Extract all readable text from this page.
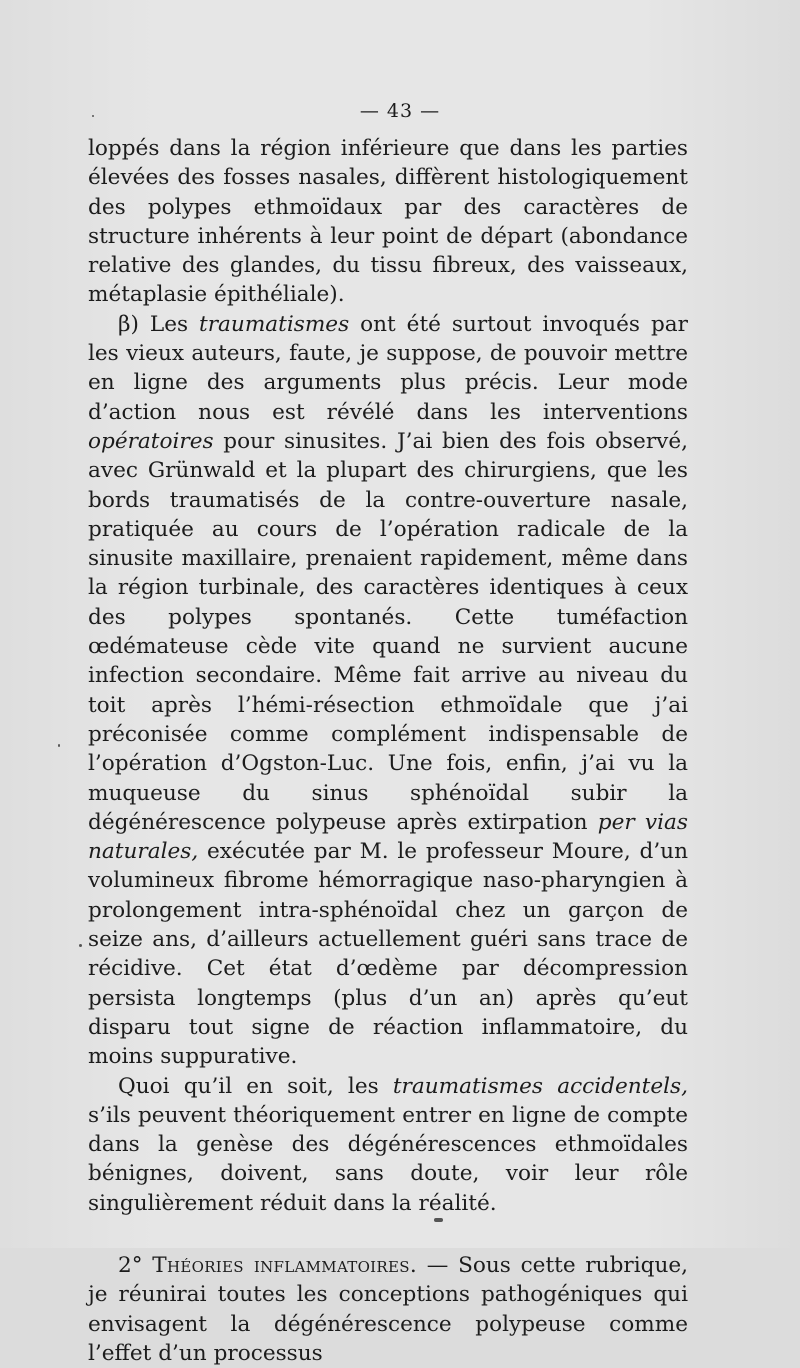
— 43 —

loppés dans la région inférieure que dans les parties élevées des fosses nasales, diffèrent histologiquement des polypes ethmoïdaux par des caractères de structure inhérents à leur point de départ (abondance relative des glandes, du tissu fibreux, des vaisseaux, métaplasie épithéliale).

β) Les traumatismes ont été surtout invoqués par les vieux auteurs, faute, je suppose, de pouvoir mettre en ligne des arguments plus précis. Leur mode d’action nous est révélé dans les interventions opératoires pour sinusites. J’ai bien des fois observé, avec Grünwald et la plupart des chirurgiens, que les bords traumatisés de la contre-ouverture nasale, pratiquée au cours de l’opération radicale de la sinusite maxillaire, prenaient rapidement, même dans la région turbinale, des caractères identiques à ceux des polypes spontanés. Cette tuméfaction œdémateuse cède vite quand ne survient aucune infection secondaire. Même fait arrive au niveau du toit après l’hémi-résection ethmoïdale que j’ai préconisée comme complément indispensable de l’opération d’Ogston-Luc. Une fois, enfin, j’ai vu la muqueuse du sinus sphénoïdal subir la dégénérescence polypeuse après extirpation per vias naturales, exécutée par M. le professeur Moure, d’un volumineux fibrome hémorragique naso-pharyngien à prolongement intra-sphénoïdal chez un garçon de seize ans, d’ailleurs actuellement guéri sans trace de récidive. Cet état d’œdème par décompression persista longtemps (plus d’un an) après qu’eut disparu tout signe de réaction inflammatoire, du moins suppurative.

Quoi qu’il en soit, les traumatismes accidentels, s’ils peuvent théoriquement entrer en ligne de compte dans la genèse des dégénérescences ethmoïdales bénignes, doivent, sans doute, voir leur rôle singulièrement réduit dans la réalité.

2° Théories inflammatoires. — Sous cette rubrique, je réunirai toutes les conceptions pathogéniques qui envisagent la dégénérescence polypeuse comme l’effet d’un processus
